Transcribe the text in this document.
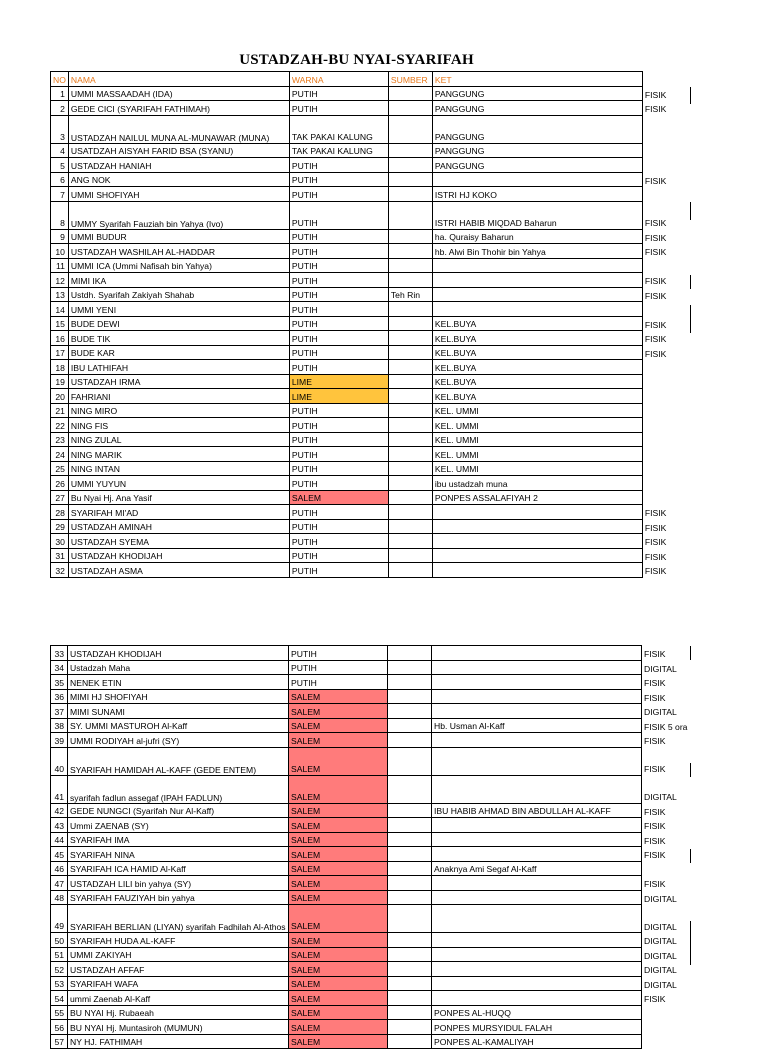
USTADZAH-BU NYAI-SYARIFAH
NO	NAMA	WARNA	SUMBER	KET	
1	UMMI MASSAADAH (IDA)	PUTIH		PANGGUNG	FISIK
2	GEDE CICI (SYARIFAH FATHIMAH)	PUTIH		PANGGUNG	FISIK
3	USTADZAH NAILUL MUNA AL-MUNAWAR (MUNA)	TAK PAKAI KALUNG		PANGGUNG	
4	USATDZAH AISYAH FARID BSA (SYANU)	TAK PAKAI KALUNG		PANGGUNG	
5	USTADZAH HANIAH	PUTIH		PANGGUNG	
6	ANG NOK	PUTIH			FISIK
7	UMMI SHOFIYAH	PUTIH		ISTRI HJ KOKO	
8	UMMY Syarifah Fauziah bin Yahya (Ivo)	PUTIH		ISTRI HABIB MIQDAD Baharun	FISIK
9	UMMI BUDUR	PUTIH		ha. Quraisy Baharun	FISIK
10	USTADZAH WASHILAH AL-HADDAR	PUTIH		hb. Alwi Bin Thohir bin Yahya	FISIK
11	UMMI ICA (Ummi Nafisah bin Yahya)	PUTIH			
12	MIMI IKA	PUTIH			FISIK
13	Ustdh. Syarifah Zakiyah Shahab	PUTIH	Teh Rin		FISIK
14	UMMI YENI	PUTIH			
15	BUDE DEWI	PUTIH		KEL.BUYA	FISIK
16	BUDE TIK	PUTIH		KEL.BUYA	FISIK
17	BUDE KAR	PUTIH		KEL.BUYA	FISIK
18	IBU LATHIFAH	PUTIH		KEL.BUYA	
19	USTADZAH IRMA	LIME		KEL.BUYA	
20	FAHRIANI	LIME		KEL.BUYA	
21	NING MIRO	PUTIH		KEL. UMMI	
22	NING FIS	PUTIH		KEL. UMMI	
23	NING ZULAL	PUTIH		KEL. UMMI	
24	NING MARIK	PUTIH		KEL. UMMI	
25	NING INTAN	PUTIH		KEL. UMMI	
26	UMMI YUYUN	PUTIH		ibu ustadzah muna	
27	Bu Nyai Hj. Ana Yasif	SALEM		PONPES ASSALAFIYAH 2	
28	SYARIFAH MI'AD	PUTIH			FISIK
29	USTADZAH AMINAH	PUTIH			FISIK
30	USTADZAH SYEMA	PUTIH			FISIK
31	USTADZAH KHODIJAH	PUTIH			FISIK
32	USTADZAH ASMA	PUTIH			FISIK
33	USTADZAH KHODIJAH	PUTIH			FISIK
34	Ustadzah Maha	PUTIH			DIGITAL
35	NENEK ETIN	PUTIH			FISIK
36	MIMI HJ SHOFIYAH	SALEM			FISIK
37	MIMI SUNAMI	SALEM			DIGITAL
38	SY. UMMI MASTUROH Al-Kaff	SALEM		Hb. Usman Al-Kaff	FISIK 5 ora
39	UMMI RODIYAH al-jufri (SY)	SALEM			FISIK
40	SYARIFAH HAMIDAH AL-KAFF (GEDE ENTEM)	SALEM			FISIK
41	syarifah fadlun assegaf (IPAH FADLUN)	SALEM			DIGITAL
42	GEDE NUNGCI (Syarifah Nur Al-Kaff)	SALEM		IBU HABIB AHMAD BIN ABDULLAH AL-KAFF	FISIK
43	Ummi ZAENAB (SY)	SALEM			FISIK
44	SYARIFAH IMA	SALEM			FISIK
45	SYARIFAH NINA	SALEM			FISIK
46	SYARIFAH ICA HAMID Al-Kaff	SALEM		Anaknya Ami Segaf Al-Kaff	
47	USTADZAH LILI bin yahya (SY)	SALEM			FISIK
48	SYARIFAH FAUZIYAH bin yahya	SALEM			DIGITAL
49	SYARIFAH BERLIAN (LIYAN) syarifah Fadhilah Al-Athos	SALEM			DIGITAL
50	SYARIFAH HUDA AL-KAFF	SALEM			DIGITAL
51	UMMI ZAKIYAH	SALEM			DIGITAL
52	USTADZAH AFFAF	SALEM			DIGITAL
53	SYARIFAH WAFA	SALEM			DIGITAL
54	ummi Zaenab Al-Kaff	SALEM			FISIK
55	BU NYAI Hj. Rubaeah	SALEM		PONPES AL-HUQQ	
56	BU NYAI Hj. Muntasiroh (MUMUN)	SALEM		PONPES MURSYIDUL FALAH	
57	NY HJ. FATHIMAH	SALEM		PONPES AL-KAMALIYAH	
